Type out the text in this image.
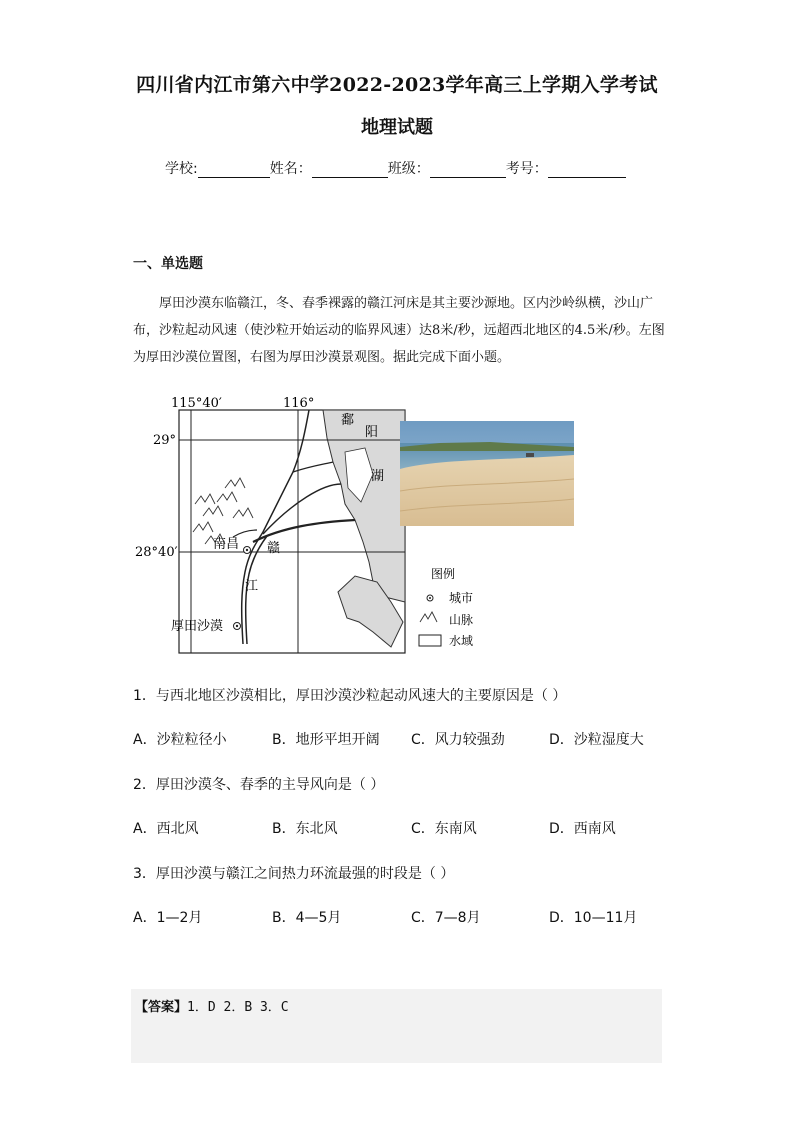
四川省内江市第六中学2022-2023学年高三上学期入学考试
地理试题
学校:	姓名：	班级：	考号：
一、单选题
厚田沙漠东临赣江，冬、春季裸露的赣江河床是其主要沙源地。区内沙岭纵横，沙山广布，沙粒起动风速（使沙粒开始运动的临界风速）达8米/秒，远超西北地区的4.5米/秒。左图为厚田沙漠位置图，右图为厚田沙漠景观图。据此完成下面小题。
115°40′	116°
29°
28°40′
鄱
阳
湖
南昌 赣
江
厚田沙漠
图例
城市
山脉
水域
1．与西北地区沙漠相比，厚田沙漠沙粒起动风速大的主要原因是（ ）
A．沙粒粒径小	B．地形平坦开阔 C．风力较强劲	D．沙粒湿度大
2．厚田沙漠冬、春季的主导风向是（ ）
A．西北风	B．东北风	C．东南风	D．西南风
3．厚田沙漠与赣江之间热力环流最强的时段是（ ）
A．1—2月	B．4—5月	C．7—8月	D．10—11月
【答案】1．D 2．B 3．C
